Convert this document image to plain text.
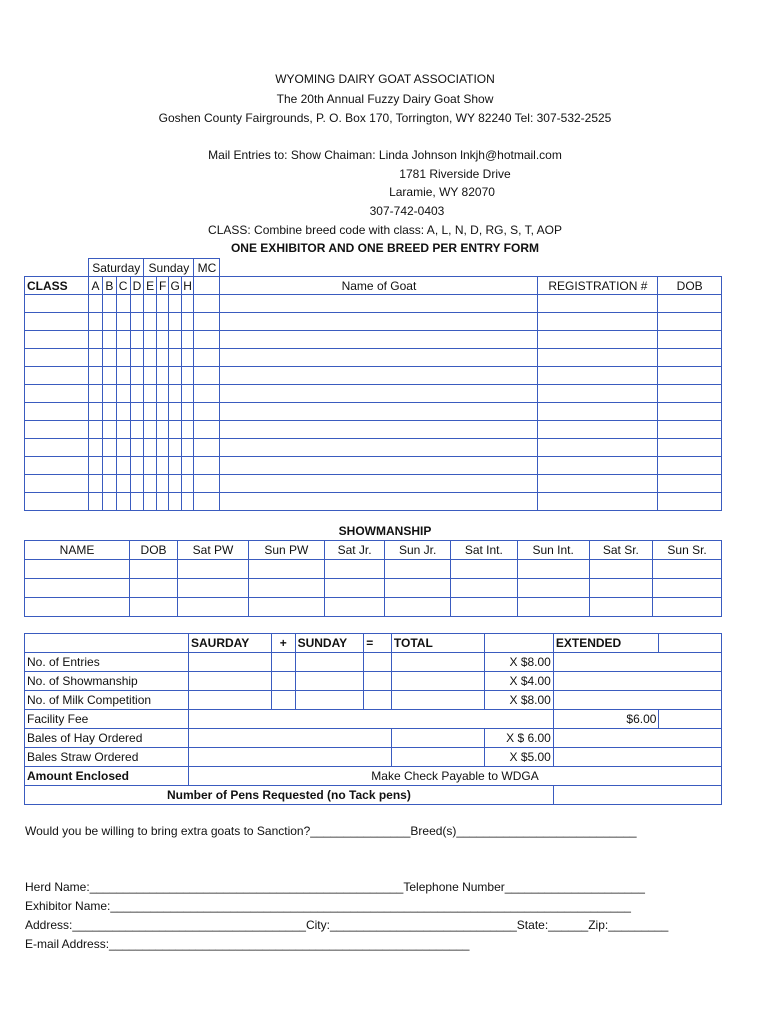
WYOMING DAIRY GOAT ASSOCIATION
The 20th Annual Fuzzy Dairy Goat Show
Goshen County Fairgrounds, P. O. Box 170, Torrington, WY 82240 Tel: 307-532-2525
Mail Entries to: Show Chaiman: Linda Johnson lnkjh@hotmail.com
1781 Riverside Drive
Laramie, WY 82070
307-742-0403
CLASS: Combine breed code with class: A, L, N, D, RG, S, T, AOP
ONE EXHIBITOR AND ONE BREED PER ENTRY FORM
	Saturday				Sunday				MC			
CLASS	A	B	C	D	E	F	G	H		Name of Goat	REGISTRATION #	DOB

SHOWMANSHIP
NAME	DOB	Sat PW	Sun PW	Sat Jr.	Sun Jr.	Sat Int.	Sun Int.	Sat Sr.	Sun Sr.

	SAURDAY	+	SUNDAY	=	TOTAL		EXTENDED	
No. of Entries						X $8.00		
No. of Showmanship						X $4.00		
No. of Milk Competition						X $8.00		
Facility Fee							$6.00	
Bales of Hay Ordered						X $ 6.00		
Bales Straw Ordered						X $5.00		
Amount Enclosed	Make Check Payable to WDGA							
Number of Pens Requested (no Tack pens)								
Would you be willing to bring extra goats to Sanction?_______________Breed(s)___________________________
Herd Name:_______________________________________________Telephone Number_____________________
Exhibitor Name:______________________________________________________________________________
Address:___________________________________City:____________________________State:______Zip:_________
E-mail Address:______________________________________________________
